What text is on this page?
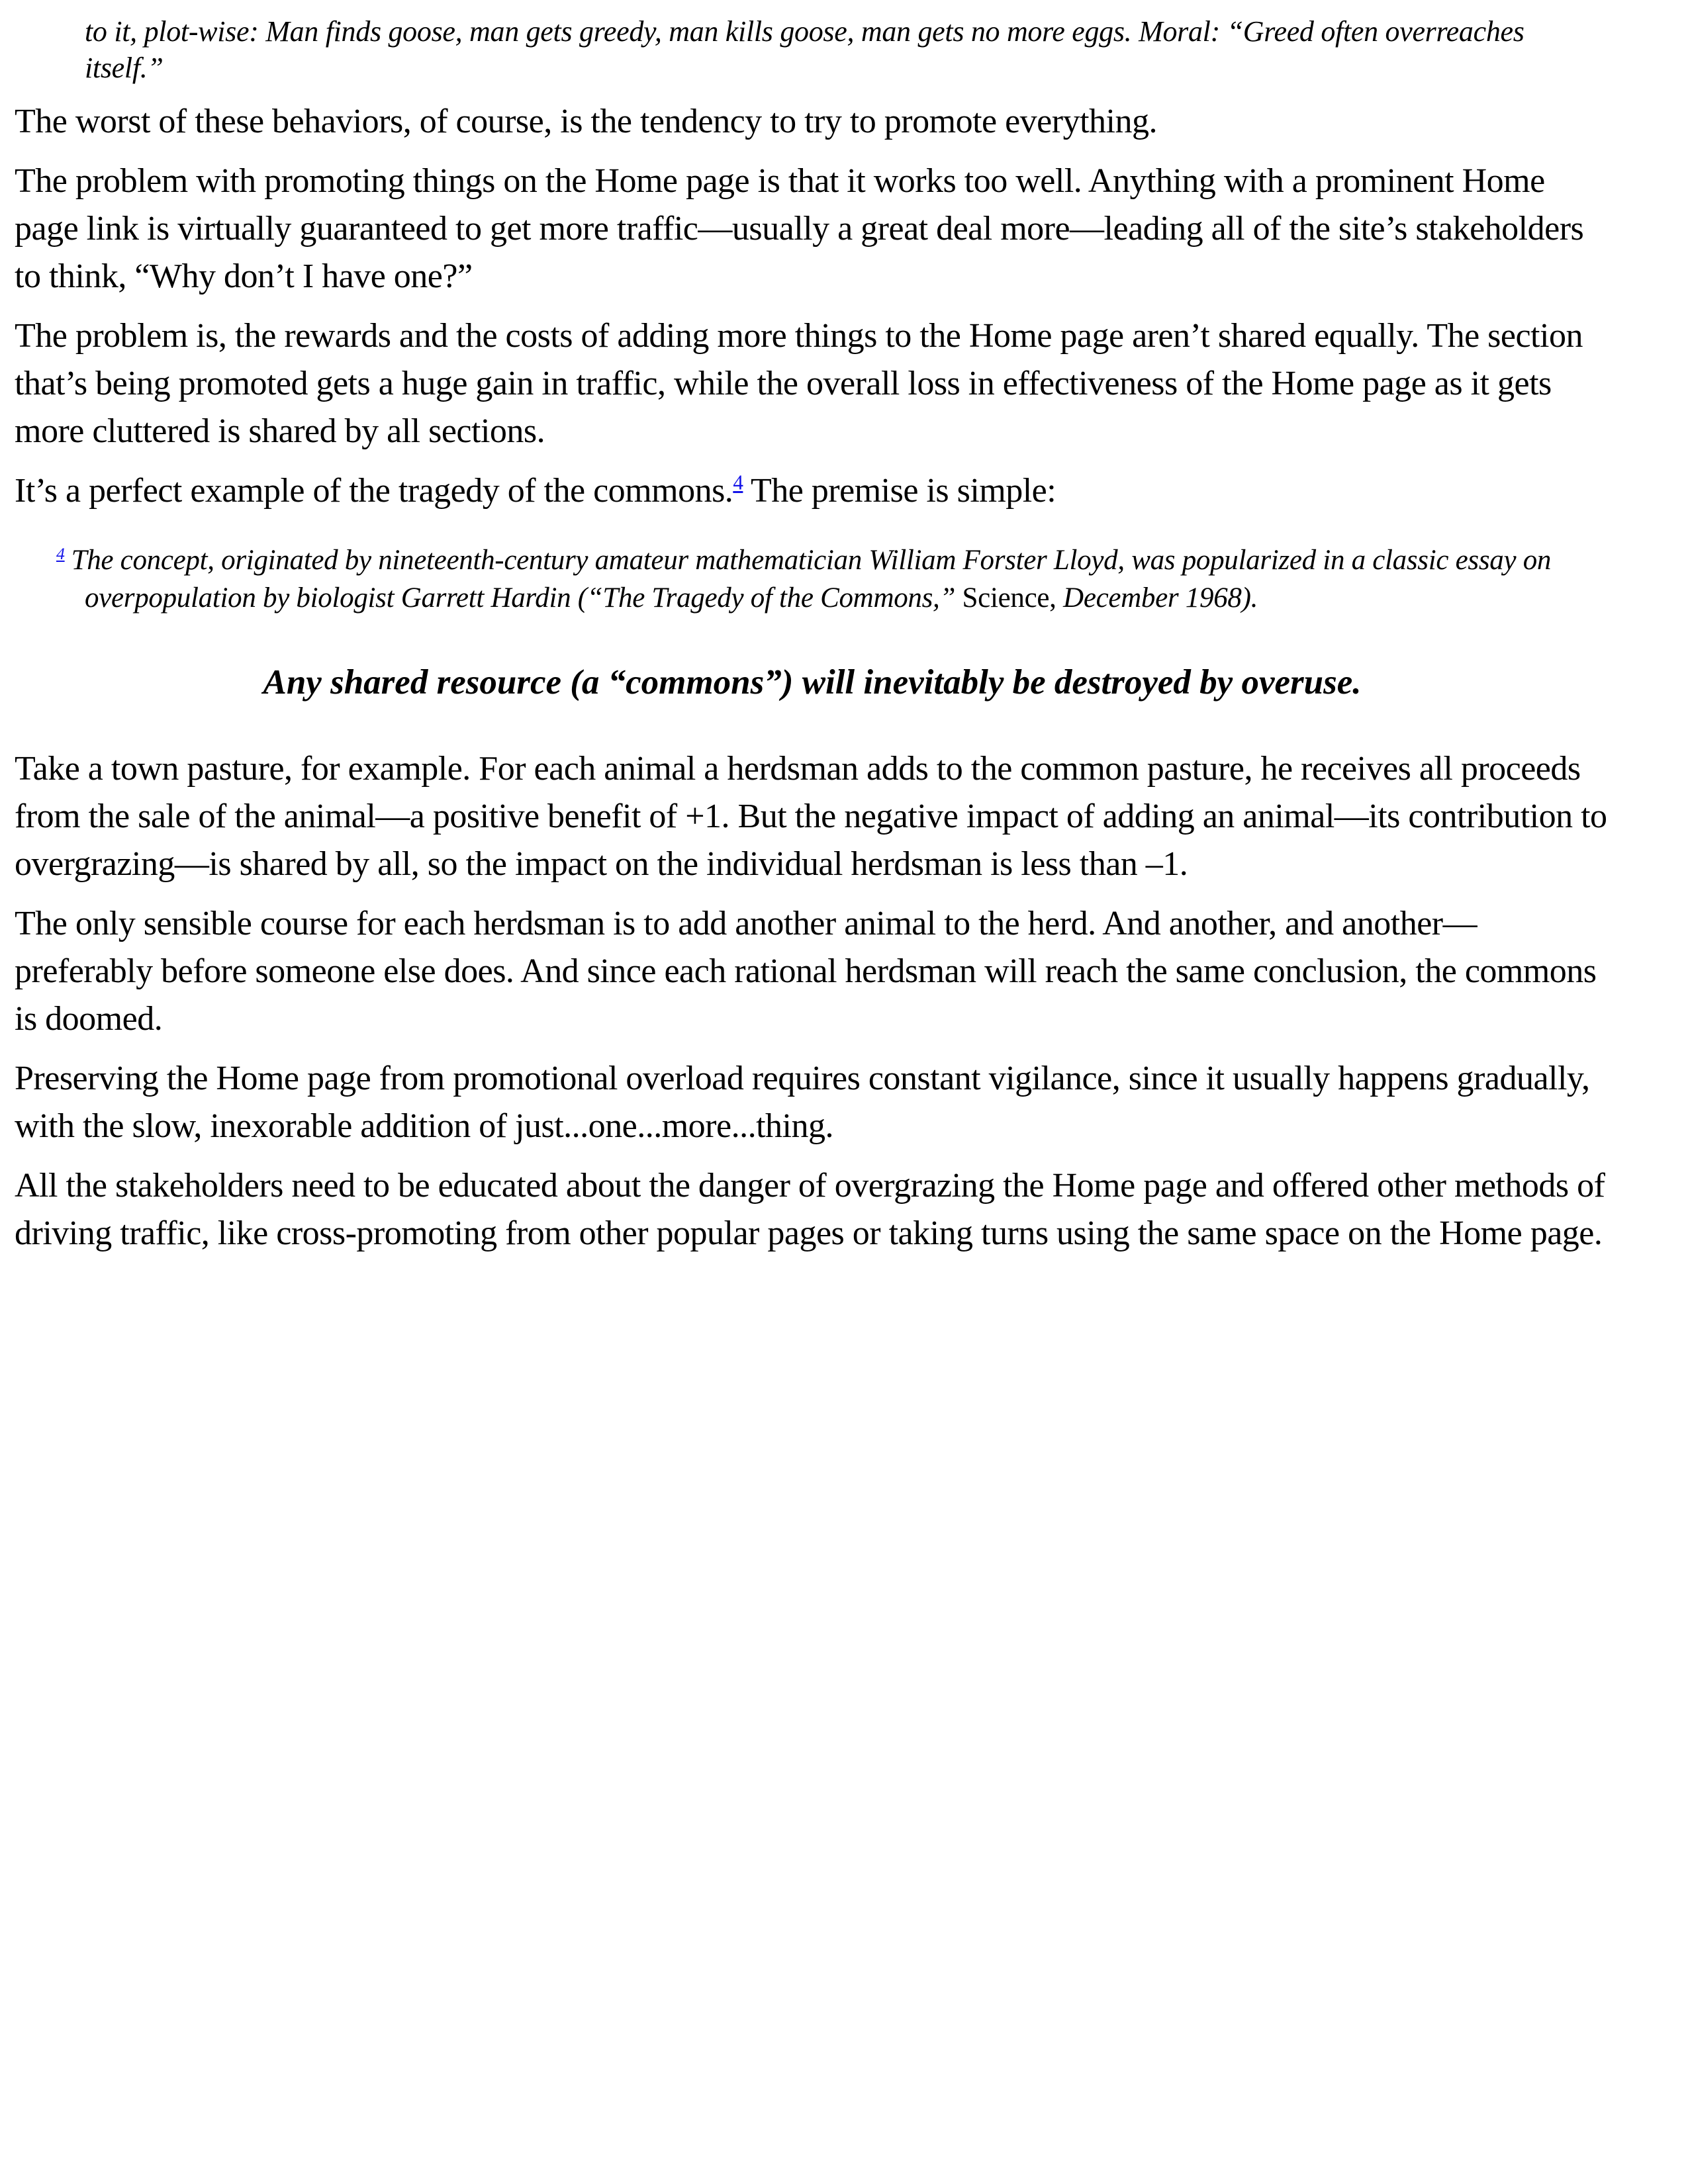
to it, plot-wise: Man finds goose, man gets greedy, man kills goose, man gets no more eggs. Moral: “Greed often overreaches itself.”

The worst of these behaviors, of course, is the tendency to try to promote everything.

The problem with promoting things on the Home page is that it works too well. Anything with a prominent Home page link is virtually guaranteed to get more traffic—usually a great deal more—leading all of the site’s stakeholders to think, “Why don’t I have one?”

The problem is, the rewards and the costs of adding more things to the Home page aren’t shared equally. The section that’s being promoted gets a huge gain in traffic, while the overall loss in effectiveness of the Home page as it gets more cluttered is shared by all sections.

It’s a perfect example of the tragedy of the commons.$^4$ The premise is simple:

$^4$ The concept, originated by nineteenth-century amateur mathematician William Forster Lloyd, was popularized in a classic essay on overpopulation by biologist Garrett Hardin (“The Tragedy of the Commons,” Science, December 1968).
Any shared resource (a “commons”) will inevitably be destroyed by overuse.

Take a town pasture, for example. For each animal a herdsman adds to the common pasture, he receives all proceeds from the sale of the animal—a positive benefit of +1. But the negative impact of adding an animal—its contribution to overgrazing—is shared by all, so the impact on the individual herdsman is less than –1.

The only sensible course for each herdsman is to add another animal to the herd. And another, and another—preferably before someone else does. And since each rational herdsman will reach the same conclusion, the commons is doomed.

Preserving the Home page from promotional overload requires constant vigilance, since it usually happens gradually, with the slow, inexorable addition of just...one...more...thing.

All the stakeholders need to be educated about the danger of overgrazing the Home page and offered other methods of driving traffic, like cross-promoting from other popular pages or taking turns using the same space on the Home page.
